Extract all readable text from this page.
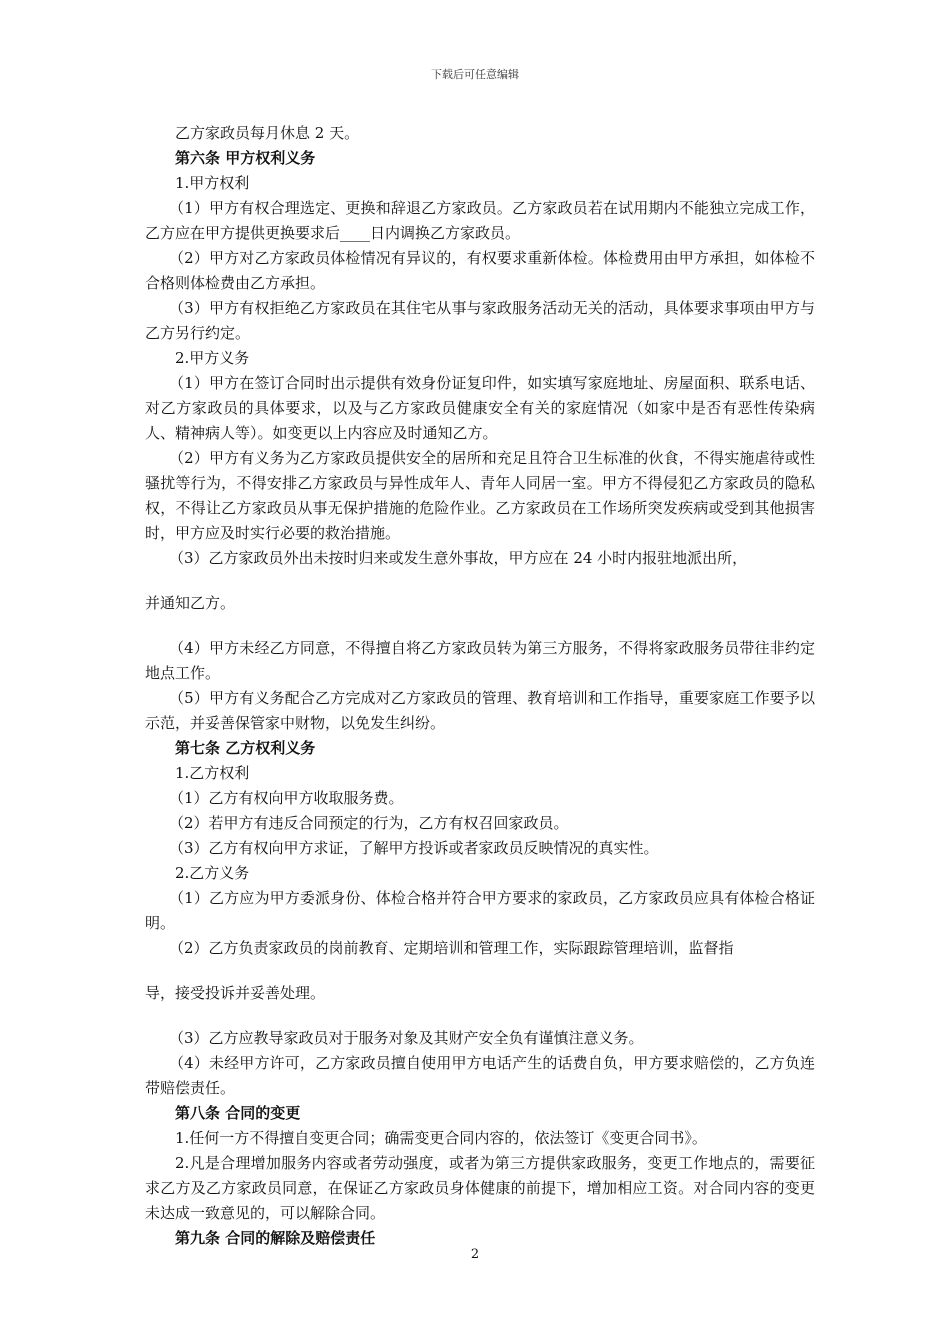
下载后可任意编辑

乙方家政员每月休息 2 天。

第六条 甲方权利义务

1.甲方权利

（1）甲方有权合理选定、更换和辞退乙方家政员。乙方家政员若在试用期内不能独立完成工作，乙方应在甲方提供更换要求后____日内调换乙方家政员。

（2）甲方对乙方家政员体检情况有异议的，有权要求重新体检。体检费用由甲方承担，如体检不合格则体检费由乙方承担。

（3）甲方有权拒绝乙方家政员在其住宅从事与家政服务活动无关的活动，具体要求事项由甲方与乙方另行约定。

2.甲方义务

（1）甲方在签订合同时出示提供有效身份证复印件，如实填写家庭地址、房屋面积、联系电话、对乙方家政员的具体要求，以及与乙方家政员健康安全有关的家庭情况（如家中是否有恶性传染病人、精神病人等）。如变更以上内容应及时通知乙方。

（2）甲方有义务为乙方家政员提供安全的居所和充足且符合卫生标准的伙食，不得实施虐待或性骚扰等行为，不得安排乙方家政员与异性成年人、青年人同居一室。甲方不得侵犯乙方家政员的隐私权，不得让乙方家政员从事无保护措施的危险作业。乙方家政员在工作场所突发疾病或受到其他损害时，甲方应及时实行必要的救治措施。

（3）乙方家政员外出未按时归来或发生意外事故，甲方应在 24 小时内报驻地派出所，

并通知乙方。

（4）甲方未经乙方同意，不得擅自将乙方家政员转为第三方服务，不得将家政服务员带往非约定地点工作。

（5）甲方有义务配合乙方完成对乙方家政员的管理、教育培训和工作指导，重要家庭工作要予以示范，并妥善保管家中财物，以免发生纠纷。

第七条 乙方权利义务

1.乙方权利

（1）乙方有权向甲方收取服务费。

（2）若甲方有违反合同预定的行为，乙方有权召回家政员。

（3）乙方有权向甲方求证，了解甲方投诉或者家政员反映情况的真实性。

2.乙方义务

（1）乙方应为甲方委派身份、体检合格并符合甲方要求的家政员，乙方家政员应具有体检合格证明。

（2）乙方负责家政员的岗前教育、定期培训和管理工作，实际跟踪管理培训，监督指

导，接受投诉并妥善处理。

（3）乙方应教导家政员对于服务对象及其财产安全负有谨慎注意义务。

（4）未经甲方许可，乙方家政员擅自使用甲方电话产生的话费自负，甲方要求赔偿的，乙方负连带赔偿责任。

第八条 合同的变更

1.任何一方不得擅自变更合同；确需变更合同内容的，依法签订《变更合同书》。

2.凡是合理增加服务内容或者劳动强度，或者为第三方提供家政服务，变更工作地点的，需要征求乙方及乙方家政员同意，在保证乙方家政员身体健康的前提下，增加相应工资。对合同内容的变更未达成一致意见的，可以解除合同。

第九条 合同的解除及赔偿责任

2
